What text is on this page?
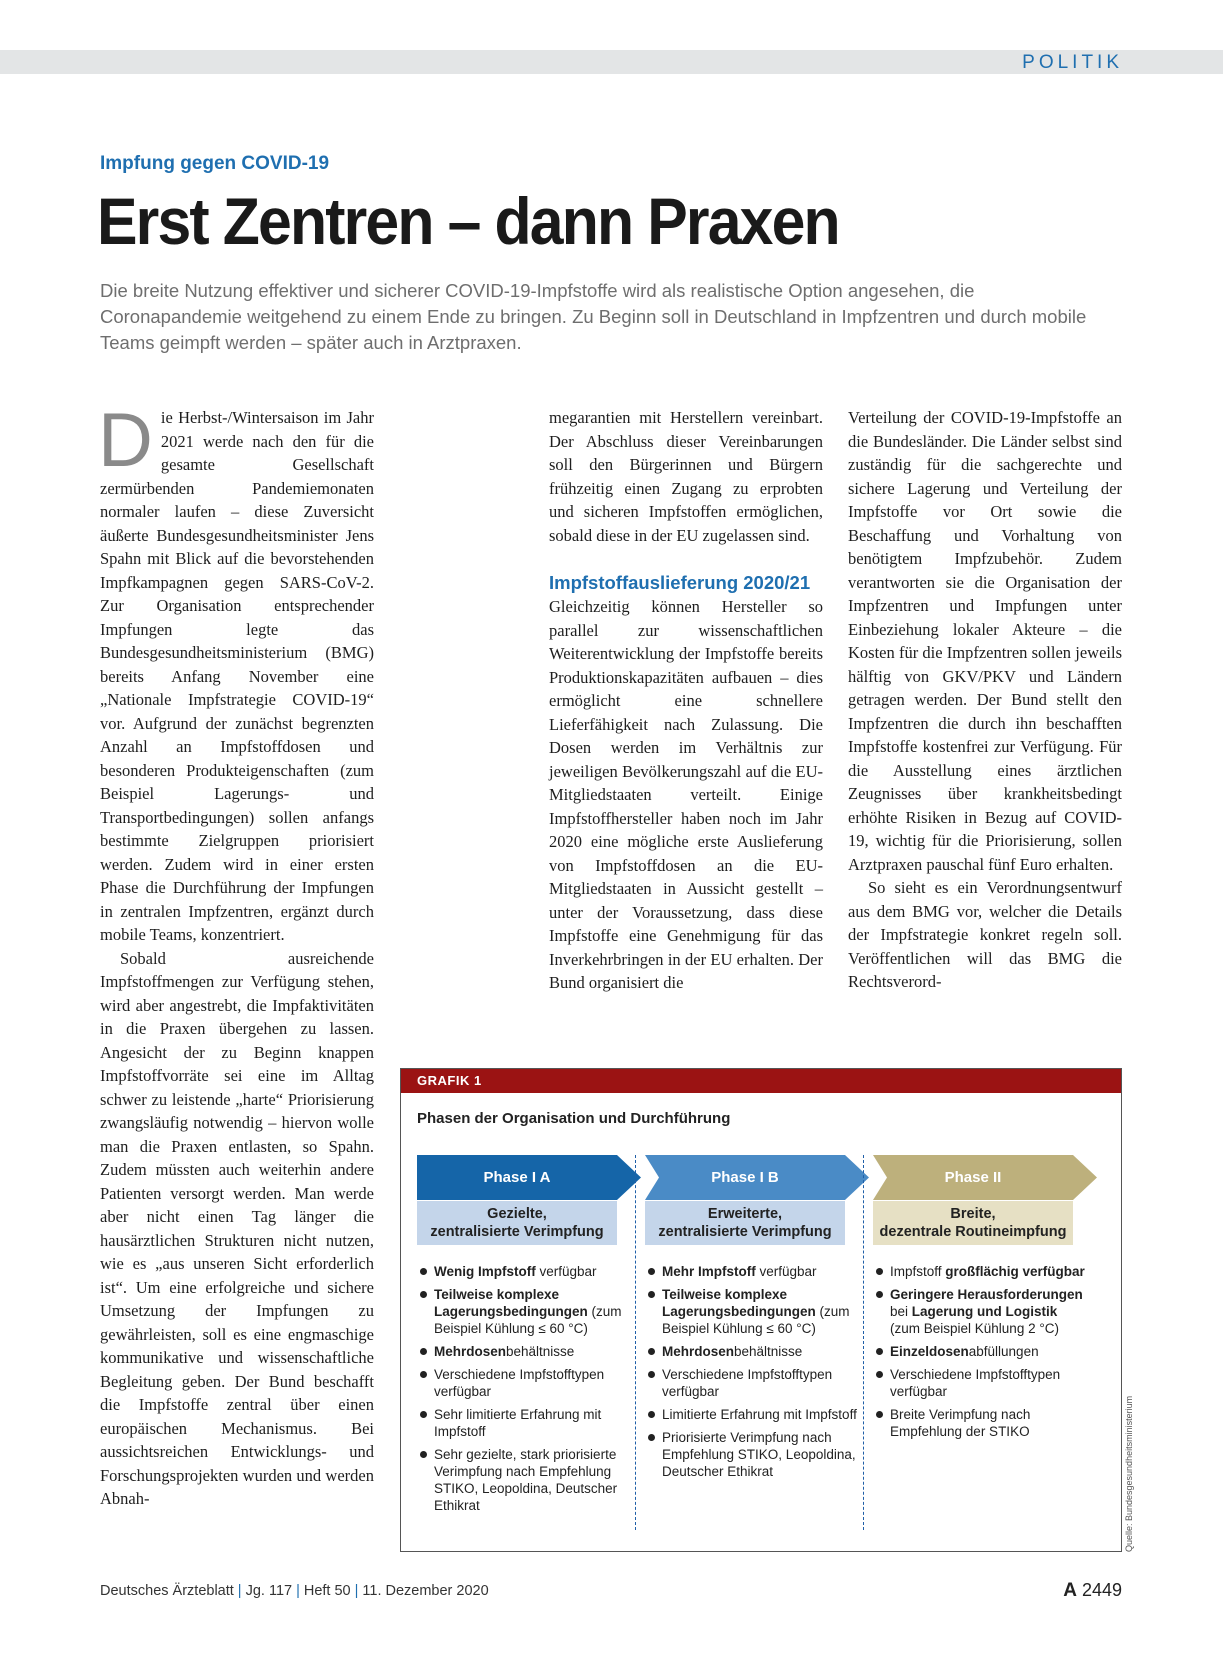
POLITIK
Impfung gegen COVID-19
Erst Zentren – dann Praxen

Die breite Nutzung effektiver und sicherer COVID-19-Impfstoffe wird als realistische Option angesehen, die Coronapandemie weitgehend zu einem Ende zu bringen. Zu Beginn soll in Deutschland in Impfzentren und durch mobile Teams geimpft werden – später auch in Arztpraxen.

Die Herbst-/Wintersaison im Jahr 2021 werde nach den für die gesamte Gesellschaft zermürbenden Pandemiemonaten normaler laufen – diese Zuversicht äußerte Bundesgesundheitsminister Jens Spahn mit Blick auf die bevorstehenden Impfkampagnen gegen SARS-CoV-2. Zur Organisation entsprechender Impfungen legte das Bundesgesundheitsministerium (BMG) bereits Anfang November eine „Nationale Impfstrategie COVID-19“ vor. Aufgrund der zunächst begrenzten Anzahl an Impfstoffdosen und besonderen Produkteigenschaften (zum Beispiel Lagerungs- und Transportbedingungen) sollen anfangs bestimmte Zielgruppen priorisiert werden. Zudem wird in einer ersten Phase die Durchführung der Impfungen in zentralen Impfzentren, ergänzt durch mobile Teams, konzentriert.

Sobald ausreichende Impfstoffmengen zur Verfügung stehen, wird aber angestrebt, die Impfaktivitäten in die Praxen übergehen zu lassen. Angesicht der zu Beginn knappen Impfstoffvorräte sei eine im Alltag schwer zu leistende „harte“ Priorisierung zwangsläufig notwendig – hiervon wolle man die Praxen entlasten, so Spahn. Zudem müssten auch weiterhin andere Patienten versorgt werden. Man werde aber nicht einen Tag länger die hausärztlichen Strukturen nicht nutzen, wie es „aus unseren Sicht erforderlich ist“. Um eine erfolgreiche und sichere Umsetzung der Impfungen zu gewährleisten, soll es eine engmaschige kommunikative und wissenschaftliche Begleitung geben. Der Bund beschafft die Impfstoffe zentral über einen europäischen Mechanismus. Bei aussichtsreichen Entwicklungs- und Forschungsprojekten wurden und werden Abnah-

megarantien mit Herstellern vereinbart. Der Abschluss dieser Vereinbarungen soll den Bürgerinnen und Bürgern frühzeitig einen Zugang zu erprobten und sicheren Impfstoffen ermöglichen, sobald diese in der EU zugelassen sind.

Impfstoffauslieferung 2020/21

Gleichzeitig können Hersteller so parallel zur wissenschaftlichen Weiterentwicklung der Impfstoffe bereits Produktionskapazitäten aufbauen – dies ermöglicht eine schnellere Lieferfähigkeit nach Zulassung. Die Dosen werden im Verhältnis zur jeweiligen Bevölkerungszahl auf die EU-Mitgliedstaaten verteilt. Einige Impfstoffhersteller haben noch im Jahr 2020 eine mögliche erste Auslieferung von Impfstoffdosen an die EU-Mitgliedstaaten in Aussicht gestellt – unter der Voraussetzung, dass diese Impfstoffe eine Genehmigung für das Inverkehrbringen in der EU erhalten. Der Bund organisiert die

Verteilung der COVID-19-Impfstoffe an die Bundesländer. Die Länder selbst sind zuständig für die sachgerechte und sichere Lagerung und Verteilung der Impfstoffe vor Ort sowie die Beschaffung und Vorhaltung von benötigtem Impfzubehör. Zudem verantworten sie die Organisation der Impfzentren und Impfungen unter Einbeziehung lokaler Akteure – die Kosten für die Impfzentren sollen jeweils hälftig von GKV/PKV und Ländern getragen werden. Der Bund stellt den Impfzentren die durch ihn beschafften Impfstoffe kostenfrei zur Verfügung. Für die Ausstellung eines ärztlichen Zeugnisses über krankheitsbedingt erhöhte Risiken in Bezug auf COVID-19, wichtig für die Priorisierung, sollen Arztpraxen pauschal fünf Euro erhalten.

So sieht es ein Verordnungsentwurf aus dem BMG vor, welcher die Details der Impfstrategie konkret regeln soll. Veröffentlichen will das BMG die Rechtsverord-

GRAFIK 1
Phasen der Organisation und Durchführung
Phase I A
Gezielte,
zentralisierte Verimpfung
Wenig Impfstoff verfügbar
Teilweise komplexe Lagerungsbedingungen (zum Beispiel Kühlung ≤ 60 °C)
Mehrdosenbehältnisse
Verschiedene Impfstofftypen verfügbar
Sehr limitierte Erfahrung mit Impfstoff
Sehr gezielte, stark priorisierte Verimpfung nach Empfehlung STIKO, Leopoldina, Deutscher Ethikrat
Phase I B
Erweiterte,
zentralisierte Verimpfung
Mehr Impfstoff verfügbar
Teilweise komplexe Lagerungsbedingungen (zum Beispiel Kühlung ≤ 60 °C)
Mehrdosenbehältnisse
Verschiedene Impfstofftypen verfügbar
Limitierte Erfahrung mit Impfstoff
Priorisierte Verimpfung nach Empfehlung STIKO, Leopoldina, Deutscher Ethikrat
Phase II
Breite,
dezentrale Routineimpfung
Impfstoff großflächig verfügbar
Geringere Herausforderungen bei Lagerung und Logistik (zum Beispiel Kühlung 2 °C)
Einzeldosenabfüllungen
Verschiedene Impfstofftypen verfügbar
Breite Verimpfung nach Empfehlung der STIKO	Quelle: Bundesgesundheitsministerium
Deutsches Ärzteblatt | Jg. 117 | Heft 50 | 11. Dezember 2020	A 2449
